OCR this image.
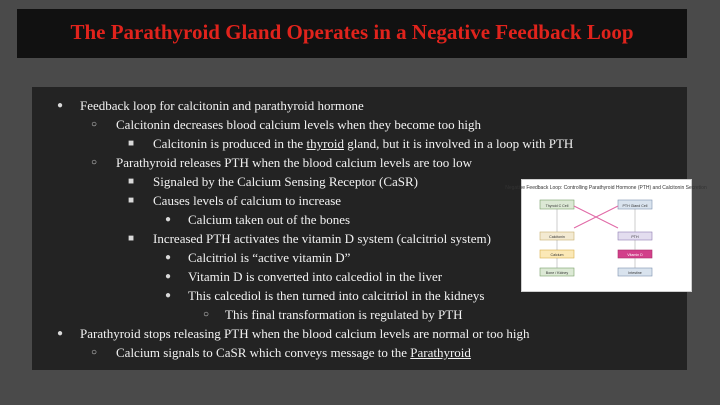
The Parathyroid Gland Operates in a Negative Feedback Loop
●
○
■
○
■
■
●
■
●
●
●
○
●
○
Feedback loop for calcitonin and parathyroid hormone
Calcitonin decreases blood calcium levels when they become too high
Calcitonin is produced in the thyroid gland, but it is involved in a loop with PTH
Parathyroid releases PTH when the blood calcium levels are too low
Signaled by the Calcium Sensing Receptor (CaSR)
Causes levels of calcium to increase
Calcium taken out of the bones
Increased PTH activates the vitamin D system (calcitriol system)
Calcitriol is “active vitamin D”
Vitamin D is converted into calcediol in the liver
This calcediol is then turned into calcitriol in the kidneys
This final transformation is regulated by PTH
Parathyroid stops releasing PTH when the blood calcium levels are normal or too high
Calcium signals to CaSR which conveys message to the Parathyroid
Negative Feedback Loop: Controlling Parathyroid Hormone (PTH) and Calcitonin Secretion
Thyroid C Cell	PTH Gland Cell
Calcitonin	PTH
Calcium	Vitamin D
Bone / Kidney	Intestine
